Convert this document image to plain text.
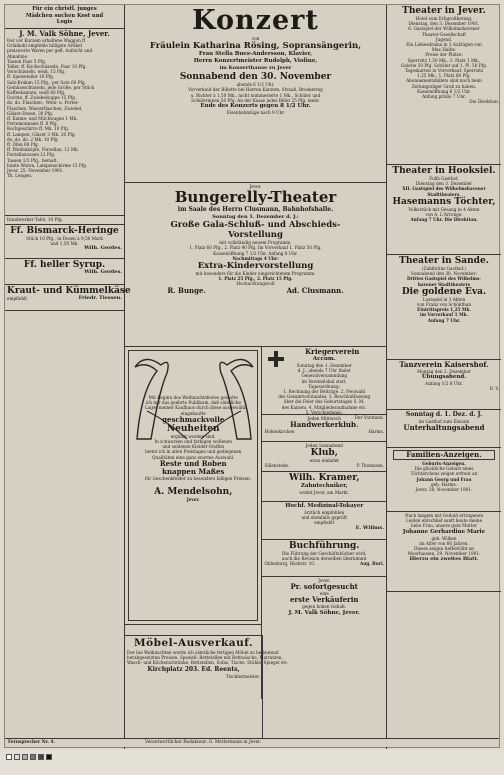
Für ein christl. junges
Mädchen suchen Kost und
Logis
J. M. Valk Söhne, Jever.
Der vor Kurzem erhaltene Waggon ff
Grünkohl empfehle billigste Artikel
preiswerte Waren per gefl. Aufsicht und
Abnahme
Tassen Paar 5 Pfg.
Teller, ff. Kochschüsseln, Paar 10 Pfg.
Vorschüsseln, weiß, 15 Pfg.
ff. Speiseteller 10 Pfg.
Salz-Kruken 15 Pfg., per Satz 60 Pfg.
Gemüseschüsseln, jede Größe, per Stück
Kaffeekannen, weiß 60 Pfg.
Dochte, ff. Zwiebelsuppe 15 Pfg.
do. do. Flaschen-, Wein- u. Porter-
Flaschen, Wasserflaschen, Zwiebel,
Gläser-Dosen, 30 Pfg.
ff. Kanne- und Milchwagen 1 Mk.
Portemonnaies ff. 8 Pfg.
Kochgeschirre ff. Mk. 10 Pfg.
ff. Lampen, Gläser 3 Mk. 20 Pfg.
do. do. do. 2 Mk. 10 Pfg.
ff. Öfen 60 Pfg.
ff. Pfeifenköpfe, Porzellan, 12 Mk.
Porzellanvasen 12 Pfg.
Tassen 1/2 Pfg., bemalt.
bunte Waren, Lampenschirme 15 Pfg.
Jever, 25. November 1901.
Th. Lengen.
Handwerker-Tafel, 10 Pfg.
Ff. Bismarck-Heringe
Stück 10 Pfg., in Dosen à 9,50 Mark
und 1,50 Mk.
Wilh. Gerdes.
Ff. heller Syrup.
Wilh. Gerdes.
Kraut- und Kümmelkäse
empfiehlt	Friedr. Tiessen.
Konzert
von
Fräulein Katharina Rösing, Sopransängerin,
Frau Stella Bues-Andersson, Klavier,
Herrn Konzertmeister Rudolph, Violine,
im Konzerthause zu Jever
Sonnabend den 30. November
abends 6 1/2 Uhr.
Vorverkauf der Billette bei Herren Karsten, Strauß, Broekering
u. Richter à 1,50 Mk., nicht nummerierte 1 Mk., Schüler und
Schülerinnen 50 Pfg. An der Kasse jedes Billet 25 Pfg. mehr.
Ende des Konzerts gegen 8 1/2 Uhr.
Eisenbahnzüge nach 9 Uhr
Jever.
Bungerelly-Theater
im Saale des Herrn Clusmann, Bahnhofshalle.
Sonntag den 1. Dezember d. J.:
Große Gala-Schluß- und Abschieds-
Vorstellung
mit vollständig neuem Programm.
1. Platz 60 Pfg., 2. Platz 40 Pfg. Im Vorverkauf 1. Platz 50 Pfg.
Kassenöffnung 7 1/2 Uhr. Anfang 8 Uhr.
Nachmittags 4 Uhr:
Extra-Kindervorstellung
mit besonders für die Kinder eingerichtetem Programm.
1. Platz 25 Pfg., 2. Platz 15 Pfg.
Hochachtungsvoll
R. Bunge.	Ad. Clusmann.
Mit Beginn des Weihnachtsfestes gestatte
ich mir das geehrte Publikum, daß sämtliche
Lager meiner Kaufhaus durch diese ausgewählt
eingekaufte
geschmackvolle
Neuheiten
ergänzt worden sind.
In schwarzen und farbigen wollenen
und seidenen Kleider-Stoffen
bietet ich in allen Preislagen und gediegenen
Qualitäten eine ganz enorme Auswahl.
Reste und Roben
knappen Maßes
für Geschenkfelder zu besonders billigen Preisen.
A. Mendelsohn,
Jever.
Kriegerverein
Accum.
Sonntag den 1. Dezember
d. J., abends 7 Uhr findet
Generalversammlung
im Vereinslokal statt.
Tagesordnung:
1. Rechnung der Beiträge. 2. Neuwahl
des Gesamtvorstandes. 3. Beschlußfassung
über die Feier des Geburtstages S. M.
des Kaisers. 4. Mitgliederaufnahme etc.
5. Verschiedenes.
Der Vorstand.
Jeden Mittwoch
Handwerkerklub.
Hohenkirchen	Harms.
Jeden Sonnabend
Klub,
wozu einladet
Sillenstede.	P. Thomssen.
Wilh. Kramer,
Zahntechniker,
wohnt Jever, am Markt.
Hochf. Medizinal-Tokayer
ärztlich empfohlen
und ebenfalls geprüft
empfiehlt
E. Willms.
Buchführung.
Die Führung der Geschäftsbücher wird,
auch die Revision derselben übernimmt
Oldenburg, Rückstr. 10.	Aug. Buri.
Jever.
Pr. sofortgesucht
eine
erste Verkäuferin
gegen hohen Gehalt.
J. M. Valk Söhne, Jever.
Möbel-Ausverkauf.
Der bei Weihnachten werde ich sämtliche fertigen Möbel zu bedeutend
herabgesetzten Preisen. Speziell: Bettstellen mit Bettwäsche, Matratzen,
Wasch- und Küchenschränke, Bettstellen, Sofas, Tische, Stühle, Spiegel etc.
Kirchplatz 203. Ed. Reents,
Tischlermeister.
Theater in Jever.
Hotel zum Erbgroßherzog.
Dienstag, den 3. Dezember 1901,
6. Gastspiel der Wilhelmshavener
Theater-Gesellschaft
Jugend.
Ein Liebesdrama in 3 Aufzügen von
Max Halbe.
Preise der Plätze:
Sperrsitz 1,50 Mk., 1. Platz 1 Mk.,
Galerie 50 Pfg. Schüler auf 1. Pl. 50 Pfg.
Tageskarten in Vorverkauf: Sperrsitz
1,25 Mk., 1. Platz 80 Pfg.
Abonnementsbillets sind noch beim
Zeitungsräger Groß zu haben.
Kassenöffnung 6 1/2 Uhr.
Anfang präzis 7 Uhr.
Die Direktion.
Theater in Hooksiel.
Fulfs Gasthof.
Dienstag den 3. Dezember
XII. Gastspiel des Wilhelmshavener
Stadttheaters.
Hasemanns Töchter,
Volksstück mit Gesang in 4 Akten
von A. L'Arronge.
Anfang 7 Uhr. Die Direktion.
Theater in Sande.
(Zahlbrüns Gasthof.)
Sonnabend den 30. November:
Drittes Gastspiel des Wilhelms-
havener Stadttheaters
Die goldene Eva.
Lustspiel in 3 Akten
von Franz von Schönthan
Eintrittspreis 1,25 Mk.
im Vorverkauf 1 Mk.
Anfang 7 Uhr.
Tanzverein Kaisershof.
Montag den 2. Dezember
Übungsabend.
Anfang 1/2 8 Uhr.
D. V.
Sonntag d. 1. Dez. d. J.
im Gasthof zum Elisium
Unterhaltungsabend
Familien-Anzeigen.
Geburts-Anzeigen.
Die glückliche Geburt eines
Töchterchens zeigen erfreut an
Johann Georg und Frau
geb. Harms.
Jever, 28. November 1901.
Nach langem mit Geduld ertragenen
Leiden entschlief sanft heute meine
liebe Frau, unsere gute Mutter
Johanne Gerhardine Marie
geb. Wilken
im Alter von 66 Jahren.
Dieses zeigen tiefbetrübt an
Moorhausen, 29. November 1901.
Hierzu ein zweites Blatt.
Fernsprecher Nr. 4.	Verantwortlicher Redakteur: G. Mettermann in Jever.
